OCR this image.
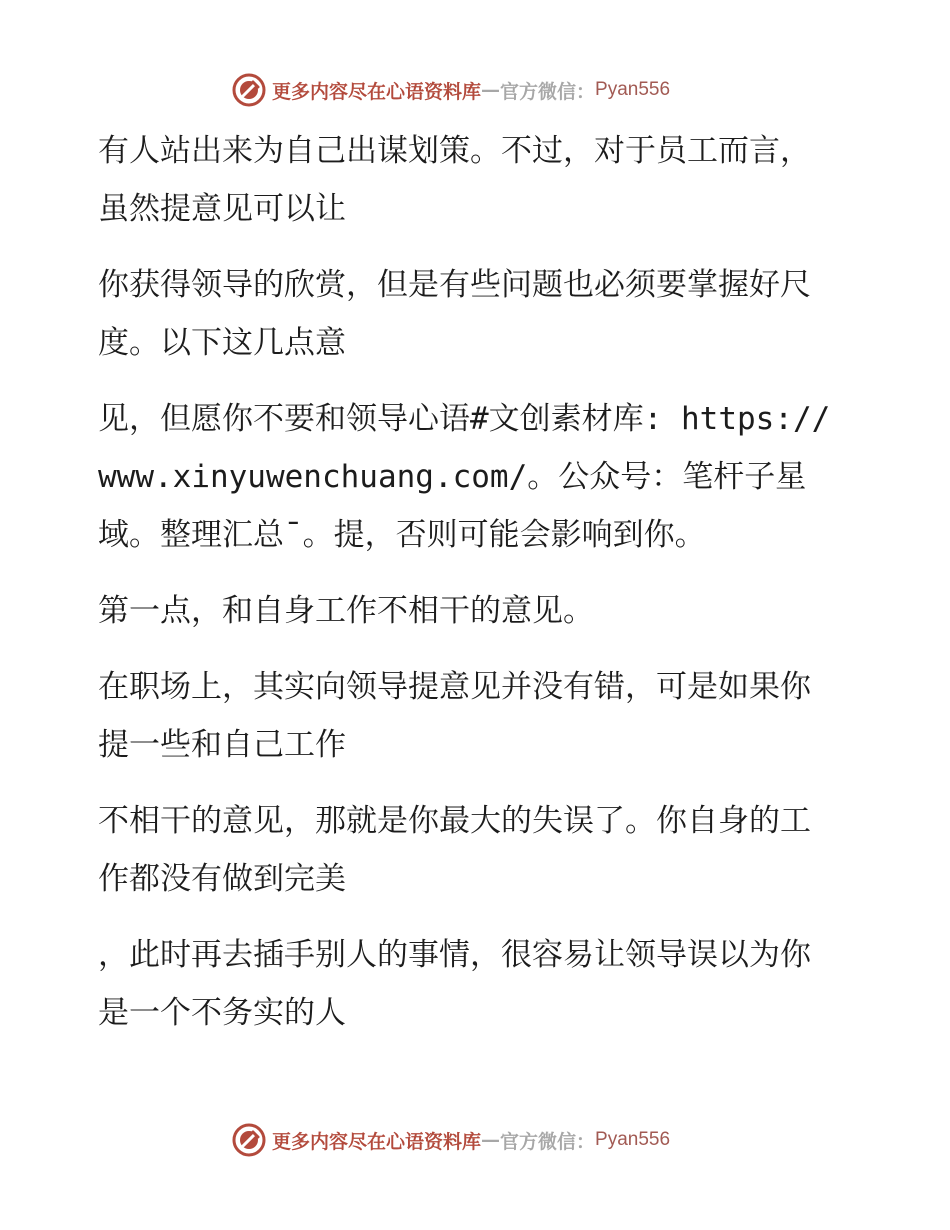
更多内容尽在心语资料库 — 官方微信： Pyan556

有人站出来为自己出谋划策。不过，对于员工而言，虽然提意见可以让

你获得领导的欣赏，但是有些问题也必须要掌握好尺度。以下这几点意

见，但愿你不要和领导心语#文创素材库: https://www.xinyuwenchuang.com/。公众号：笔杆子星域。整理汇总¯。提，否则可能会影响到你。

第一点，和自身工作不相干的意见。

在职场上，其实向领导提意见并没有错，可是如果你提一些和自己工作

不相干的意见，那就是你最大的失误了。你自身的工作都没有做到完美

，此时再去插手别人的事情，很容易让领导误以为你是一个不务实的人

更多内容尽在心语资料库 — 官方微信： Pyan556
